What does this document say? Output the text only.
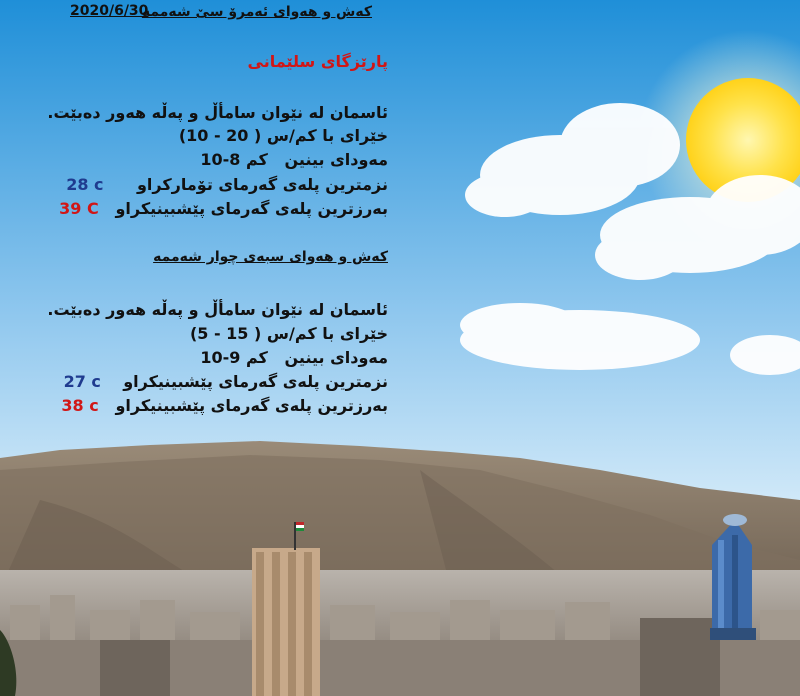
2020/6/30
کەش و هەوای ئەمرۆ سێ شەممە
پارێزگای سلێمانی
ئاسمان لە نێوان سامأڵ و پەڵە هەور دەبێت.
خێرای با (10 - 20 ) کم/س
مەودای بینین   10-8 کم
نزمترین پلەی گەرمای تۆمارکراو      28 c
بەرزترین پلەی گەرمای پێشبینیکراو   39 C
کەش و هەوای سبەی چوار شەممە
ئاسمان لە نێوان سامأڵ و پەڵە هەور دەبێت.
خێرای با (5 - 15 ) کم/س
مەودای بینین   10-9 کم
نزمترین پلەی گەرمای پێشبینیکراو    27 c
بەرزترین پلەی گەرمای پێشبینیکراو   38 c
